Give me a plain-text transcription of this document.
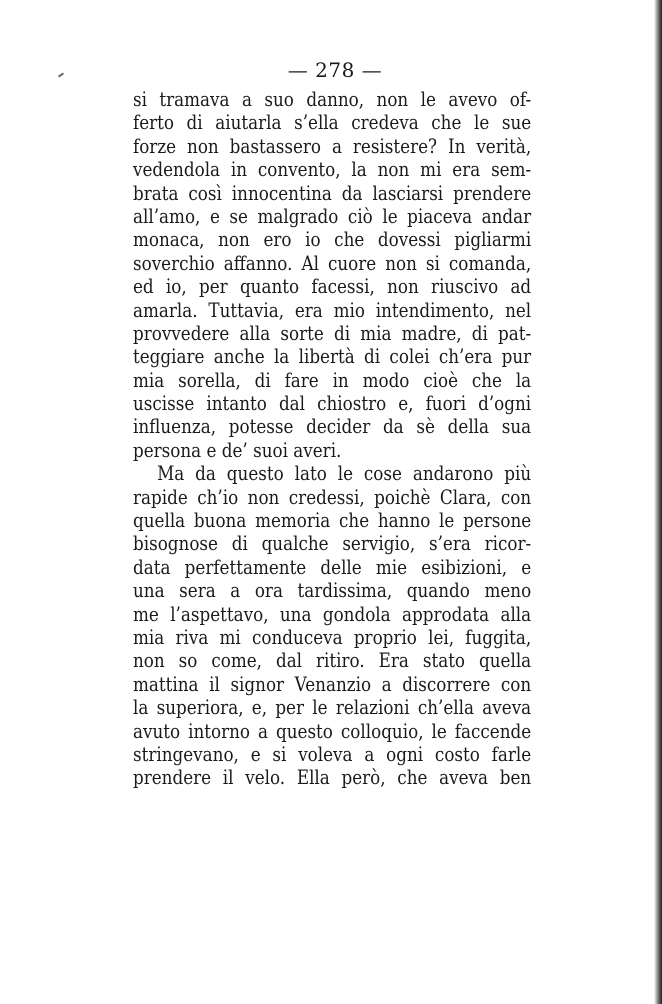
— 278 —
si tramava a suo danno, non le avevo of-
ferto di aiutarla s’ella credeva che le sue
forze non bastassero a resistere? In verità,
vedendola in convento, la non mi era sem-
brata così innocentina da lasciarsi prendere
all’amo, e se malgrado ciò le piaceva andar
monaca, non ero io che dovessi pigliarmi
soverchio affanno. Al cuore non si comanda,
ed io, per quanto facessi, non riuscivo ad
amarla. Tuttavia, era mio intendimento, nel
provvedere alla sorte di mia madre, di pat-
teggiare anche la libertà di colei ch’era pur
mia sorella, di fare in modo cioè che la
uscisse intanto dal chiostro e, fuori d’ogni
influenza, potesse decider da sè della sua
persona e de’ suoi averi.
Ma da questo lato le cose andarono più
rapide ch’io non credessi, poichè Clara, con
quella buona memoria che hanno le persone
bisognose di qualche servigio, s’era ricor-
data perfettamente delle mie esibizioni, e
una sera a ora tardissima, quando meno
me l’aspettavo, una gondola approdata alla
mia riva mi conduceva proprio lei, fuggita,
non so come, dal ritiro. Era stato quella
mattina il signor Venanzio a discorrere con
la superiora, e, per le relazioni ch’ella aveva
avuto intorno a questo colloquio, le faccende
stringevano, e si voleva a ogni costo farle
prendere il velo. Ella però, che aveva ben
